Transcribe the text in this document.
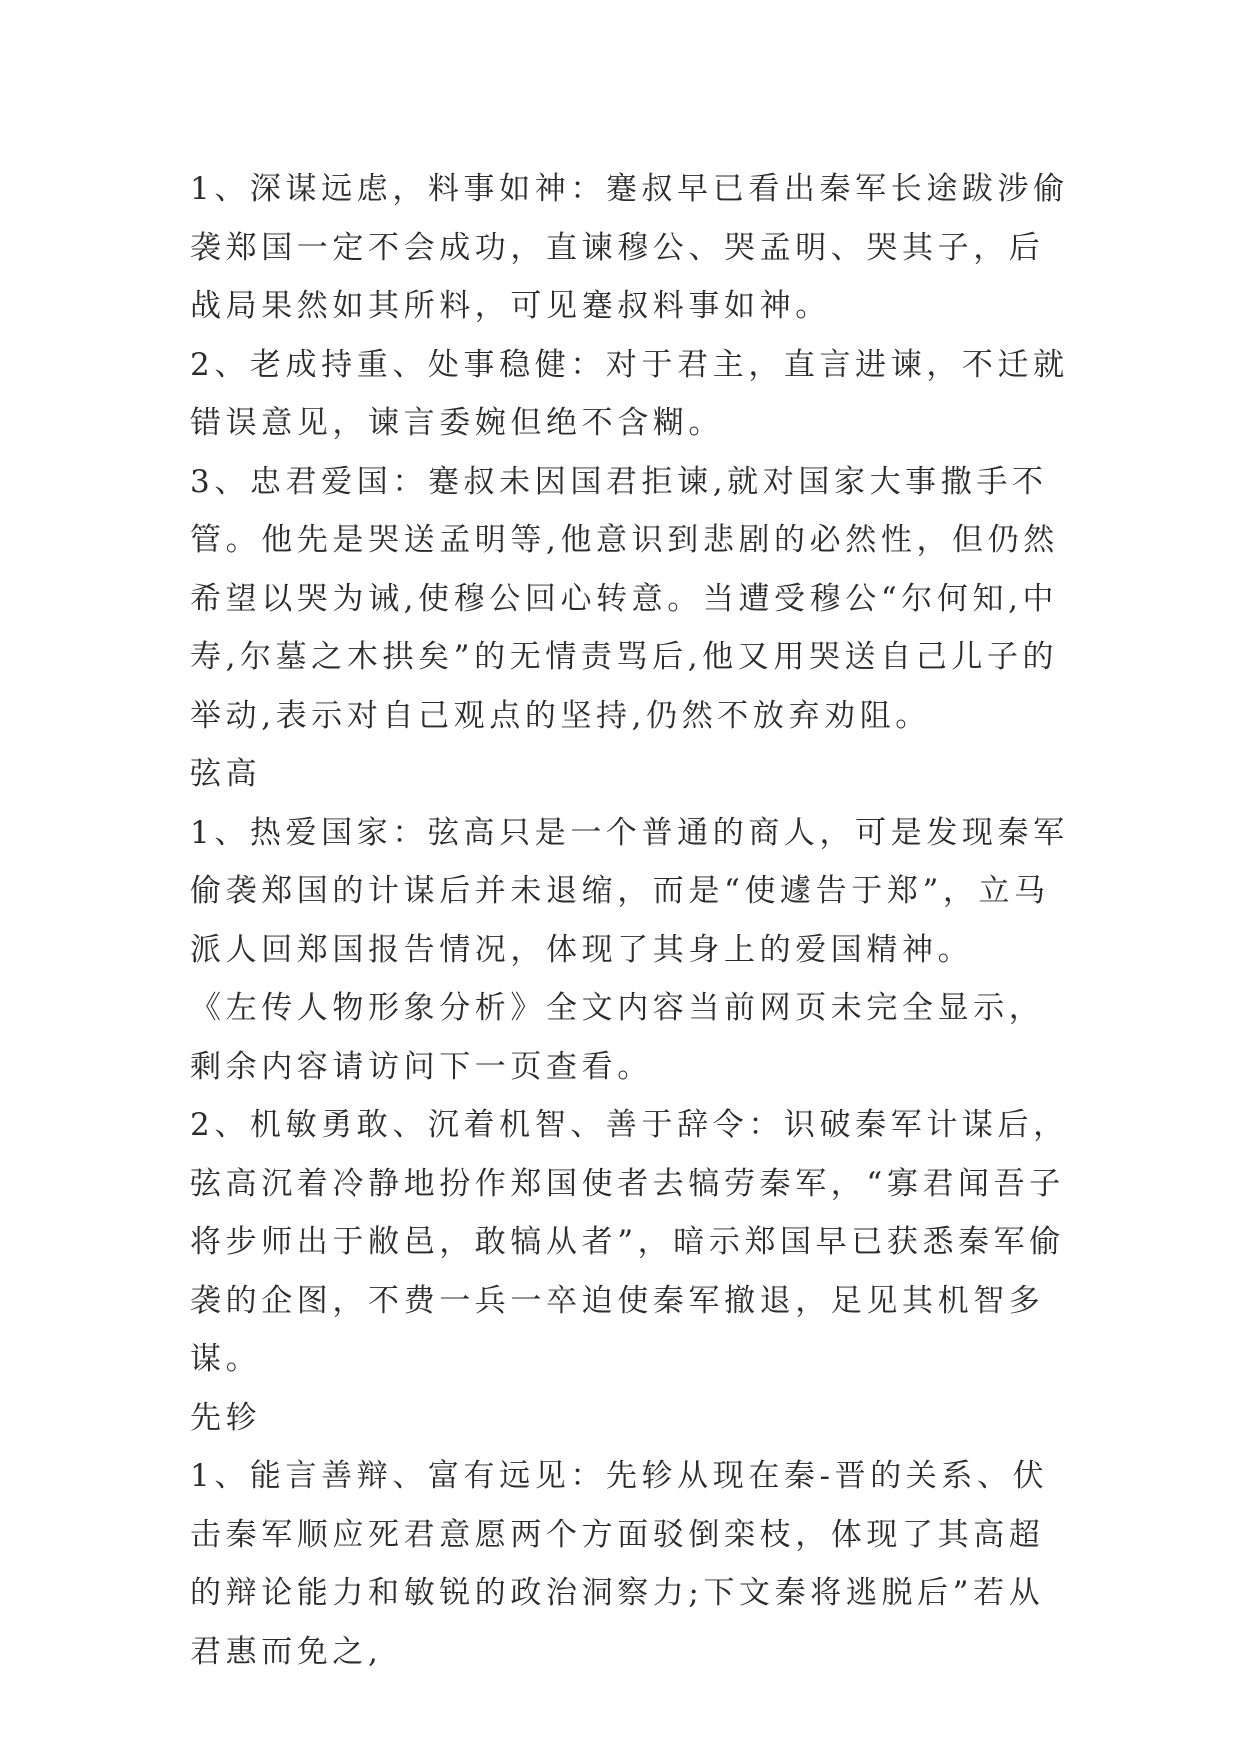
1、深谋远虑，料事如神：蹇叔早已看出秦军长途跋涉偷袭郑国一定不会成功，直谏穆公、哭孟明、哭其子，后战局果然如其所料，可见蹇叔料事如神。

2、老成持重、处事稳健：对于君主，直言进谏，不迁就错误意见，谏言委婉但绝不含糊。

3、忠君爱国：蹇叔未因国君拒谏,就对国家大事撒手不管。他先是哭送孟明等,他意识到悲剧的必然性，但仍然希望以哭为诫,使穆公回心转意。当遭受穆公“尔何知,中寿,尔墓之木拱矣”的无情责骂后,他又用哭送自己儿子的举动,表示对自己观点的坚持,仍然不放弃劝阻。

弦高

1、热爱国家：弦高只是一个普通的商人，可是发现秦军偷袭郑国的计谋后并未退缩，而是“使遽告于郑”，立马派人回郑国报告情况，体现了其身上的爱国精神。

《左传人物形象分析》全文内容当前网页未完全显示，剩余内容请访问下一页查看。

2、机敏勇敢、沉着机智、善于辞令：识破秦军计谋后，弦高沉着冷静地扮作郑国使者去犒劳秦军，“寡君闻吾子将步师出于敝邑，敢犒从者”，暗示郑国早已获悉秦军偷袭的企图，不费一兵一卒迫使秦军撤退，足见其机智多谋。

先轸

1、能言善辩、富有远见：先轸从现在秦-晋的关系、伏击秦军顺应死君意愿两个方面驳倒栾枝，体现了其高超的辩论能力和敏锐的政治洞察力;下文秦将逃脱后”若从君惠而免之,
